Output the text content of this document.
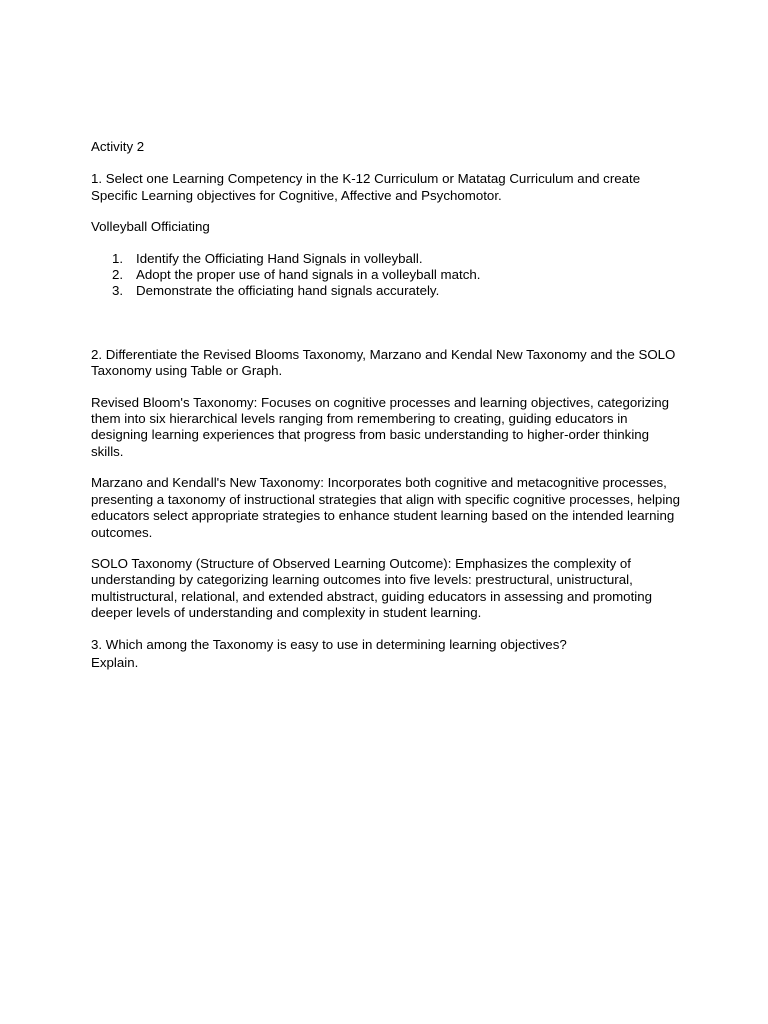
Activity 2

1. Select one Learning Competency in the K-12 Curriculum or Matatag Curriculum and create Specific Learning objectives for Cognitive, Affective and Psychomotor.

Volleyball Officiating

1. Identify the Officiating Hand Signals in volleyball.
2. Adopt the proper use of hand signals in a volleyball match.
3. Demonstrate the officiating hand signals accurately.

2. Differentiate the Revised Blooms Taxonomy, Marzano and Kendal New Taxonomy and the SOLO Taxonomy using Table or Graph.

Revised Bloom's Taxonomy: Focuses on cognitive processes and learning objectives, categorizing them into six hierarchical levels ranging from remembering to creating, guiding educators in designing learning experiences that progress from basic understanding to higher-order thinking skills.

Marzano and Kendall's New Taxonomy: Incorporates both cognitive and metacognitive processes, presenting a taxonomy of instructional strategies that align with specific cognitive processes, helping educators select appropriate strategies to enhance student learning based on the intended learning outcomes.

SOLO Taxonomy (Structure of Observed Learning Outcome): Emphasizes the complexity of understanding by categorizing learning outcomes into five levels: prestructural, unistructural, multistructural, relational, and extended abstract, guiding educators in assessing and promoting deeper levels of understanding and complexity in student learning.

3. Which among the Taxonomy is easy to use in determining learning objectives?

Explain.
